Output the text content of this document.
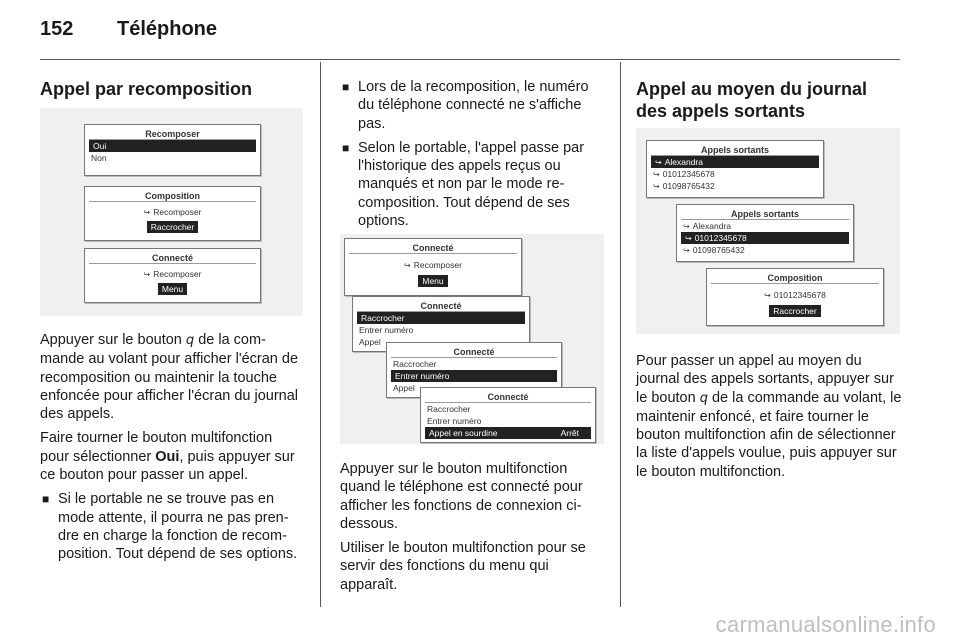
152 Téléphone
Appel par recomposition
Recomposer
Oui
Non
Composition
↪ Recomposer
Raccrocher
Connecté
↪ Recomposer
Menu

Appuyer sur le bouton q de la commande au volant pour afficher l'écran de recomposition ou maintenir la touche enfoncée pour afficher l'écran du journal des appels.

Faire tourner le bouton multifonction pour sélectionner Oui, puis appuyer sur ce bouton pour passer un appel.

■ Si le portable ne se trouve pas en mode attente, il pourra ne pas prendre en charge la fonction de recomposition. Tout dépend de ses options.

■ Lors de la recomposition, le numéro du téléphone connecté ne s'affiche pas.

■ Selon le portable, l'appel passe par l'historique des appels reçus ou manqués et non par le mode recomposition. Tout dépend de ses options.

Connecté
↪ Recomposer
Menu
Connecté
Raccrocher
Entrer numéro
Appel
Connecté
Raccrocher
Entrer numéro
Appel
Connecté
Raccrocher
Entrer numéro
Appel en sourdine	Arrêt

Appuyer sur le bouton multifonction quand le téléphone est connecté pour afficher les fonctions de connexion ci-dessous.

Utiliser le bouton multifonction pour se servir des fonctions du menu qui apparaît.

Appel au moyen du journal des appels sortants
Appels sortants
↪ Alexandra
↪ 01012345678
↪ 01098765432
Appels sortants
↪ Alexandra
↪ 01012345678
↪ 01098765432
Composition
↪ 01012345678
Raccrocher

Pour passer un appel au moyen du journal des appels sortants, appuyer sur le bouton q de la commande au volant, le maintenir enfoncé, et faire tourner le bouton multifonction afin de sélectionner la liste d'appels voulue, puis appuyer sur le bouton multifonction.

carmanualsonline.info
